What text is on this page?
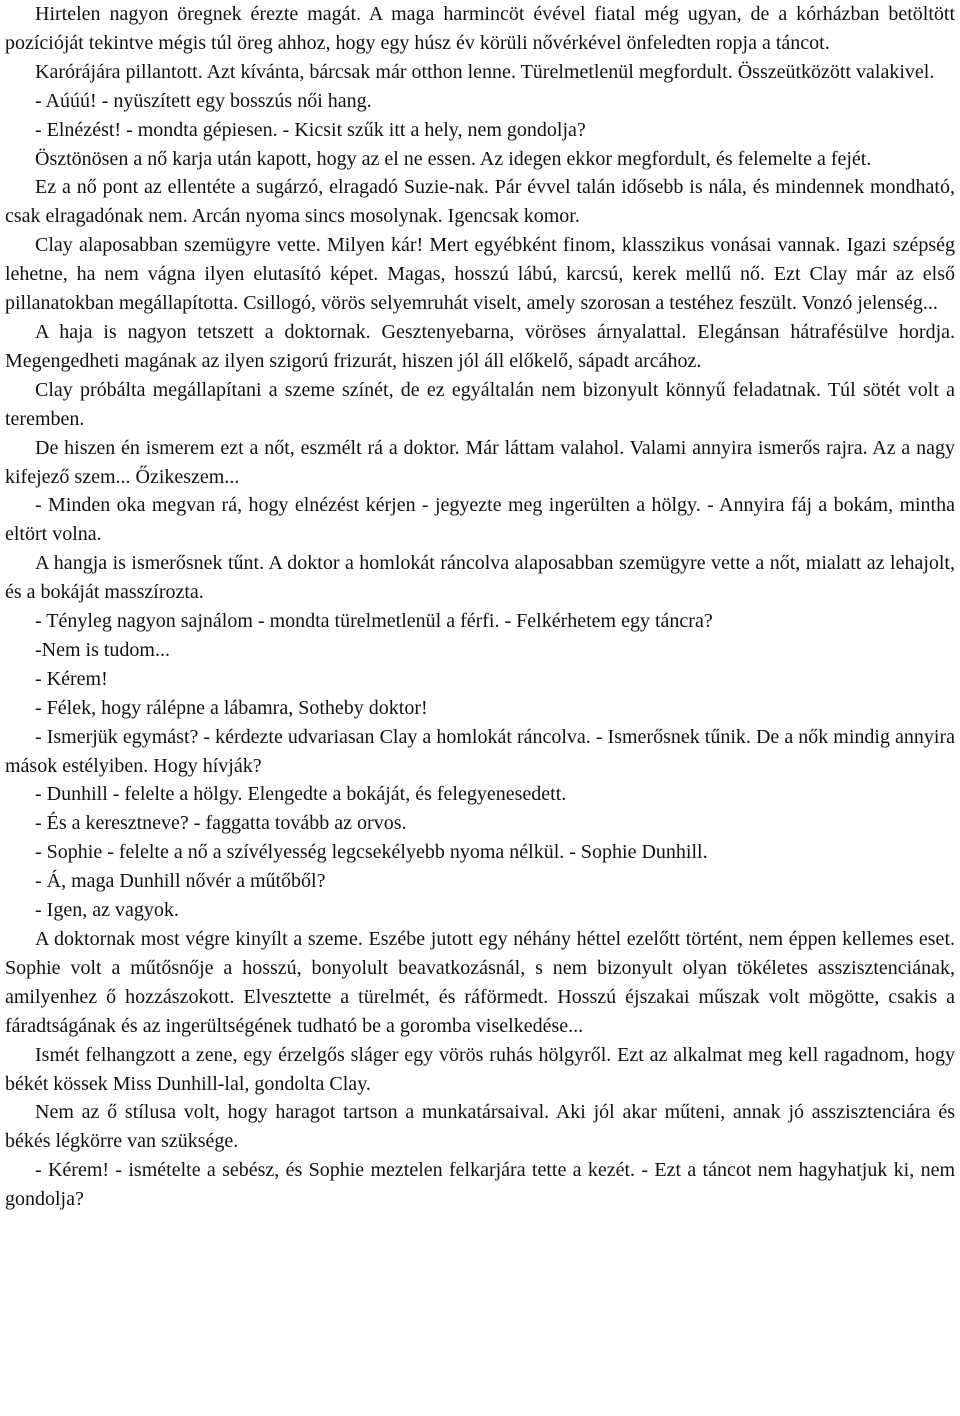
Hirtelen nagyon öregnek érezte magát. A maga harmincöt évével fiatal még ugyan, de a kórházban betöltött pozícióját tekintve mégis túl öreg ahhoz, hogy egy húsz év körüli nővérkével önfeledten ropja a táncot.

Karórájára pillantott. Azt kívánta, bárcsak már otthon lenne. Türelmetlenül megfordult. Összeütközött valakivel.

- Aúúú! - nyüszített egy bosszús női hang.

- Elnézést! - mondta gépiesen. - Kicsit szűk itt a hely, nem gondolja?

Ösztönösen a nő karja után kapott, hogy az el ne essen. Az idegen ekkor megfordult, és felemelte a fejét.

Ez a nő pont az ellentéte a sugárzó, elragadó Suzie-nak. Pár évvel talán idősebb is nála, és mindennek mondható, csak elragadónak nem. Arcán nyoma sincs mosolynak. Igencsak komor.

Clay alaposabban szemügyre vette. Milyen kár! Mert egyébként finom, klasszikus vonásai vannak. Igazi szépség lehetne, ha nem vágna ilyen elutasító képet. Magas, hosszú lábú, karcsú, kerek mellű nő. Ezt Clay már az első pillanatokban megállapította. Csillogó, vörös selyemruhát viselt, amely szorosan a testéhez feszült. Vonzó jelenség...

A haja is nagyon tetszett a doktornak. Gesztenyebarna, vöröses árnyalattal. Elegánsan hátrafésülve hordja. Megengedheti magának az ilyen szigorú frizurát, hiszen jól áll előkelő, sápadt arcához.

Clay próbálta megállapítani a szeme színét, de ez egyáltalán nem bizonyult könnyű feladatnak. Túl sötét volt a teremben.

De hiszen én ismerem ezt a nőt, eszmélt rá a doktor. Már láttam valahol. Valami annyira ismerős rajra. Az a nagy kifejező szem... Őzikeszem...

- Minden oka megvan rá, hogy elnézést kérjen - jegyezte meg ingerülten a hölgy. - Annyira fáj a bokám, mintha eltört volna.

A hangja is ismerősnek tűnt. A doktor a homlokát ráncolva alaposabban szemügyre vette a nőt, mialatt az lehajolt, és a bokáját masszírozta.

- Tényleg nagyon sajnálom - mondta türelmetlenül a férfi. - Felkérhetem egy táncra?

-Nem is tudom...

- Kérem!

- Félek, hogy rálépne a lábamra, Sotheby doktor!

- Ismerjük egymást? - kérdezte udvariasan Clay a homlokát ráncolva. - Ismerősnek tűnik. De a nők mindig annyira mások estélyiben. Hogy hívják?

- Dunhill - felelte a hölgy. Elengedte a bokáját, és felegyenesedett.

- És a keresztneve? - faggatta tovább az orvos.

- Sophie - felelte a nő a szívélyesség legcsekélyebb nyoma nélkül. - Sophie Dunhill.

- Á, maga Dunhill nővér a műtőből?

- Igen, az vagyok.

A doktornak most végre kinyílt a szeme. Eszébe jutott egy néhány héttel ezelőtt történt, nem éppen kellemes eset. Sophie volt a műtősnője a hosszú, bonyolult beavatkozásnál, s nem bizonyult olyan tökéletes asszisztenciának, amilyenhez ő hozzászokott. Elvesztette a türelmét, és ráförmedt. Hosszú éjszakai műszak volt mögötte, csakis a fáradtságának és az ingerültségének tudható be a goromba viselkedése...

Ismét felhangzott a zene, egy érzelgős sláger egy vörös ruhás hölgyről. Ezt az alkalmat meg kell ragadnom, hogy békét kössek Miss Dunhill-lal, gondolta Clay.

Nem az ő stílusa volt, hogy haragot tartson a munkatársaival. Aki jól akar műteni, annak jó asszisztenciára és békés légkörre van szüksége.

- Kérem! - ismételte a sebész, és Sophie meztelen felkarjára tette a kezét. - Ezt a táncot nem hagyhatjuk ki, nem gondolja?
